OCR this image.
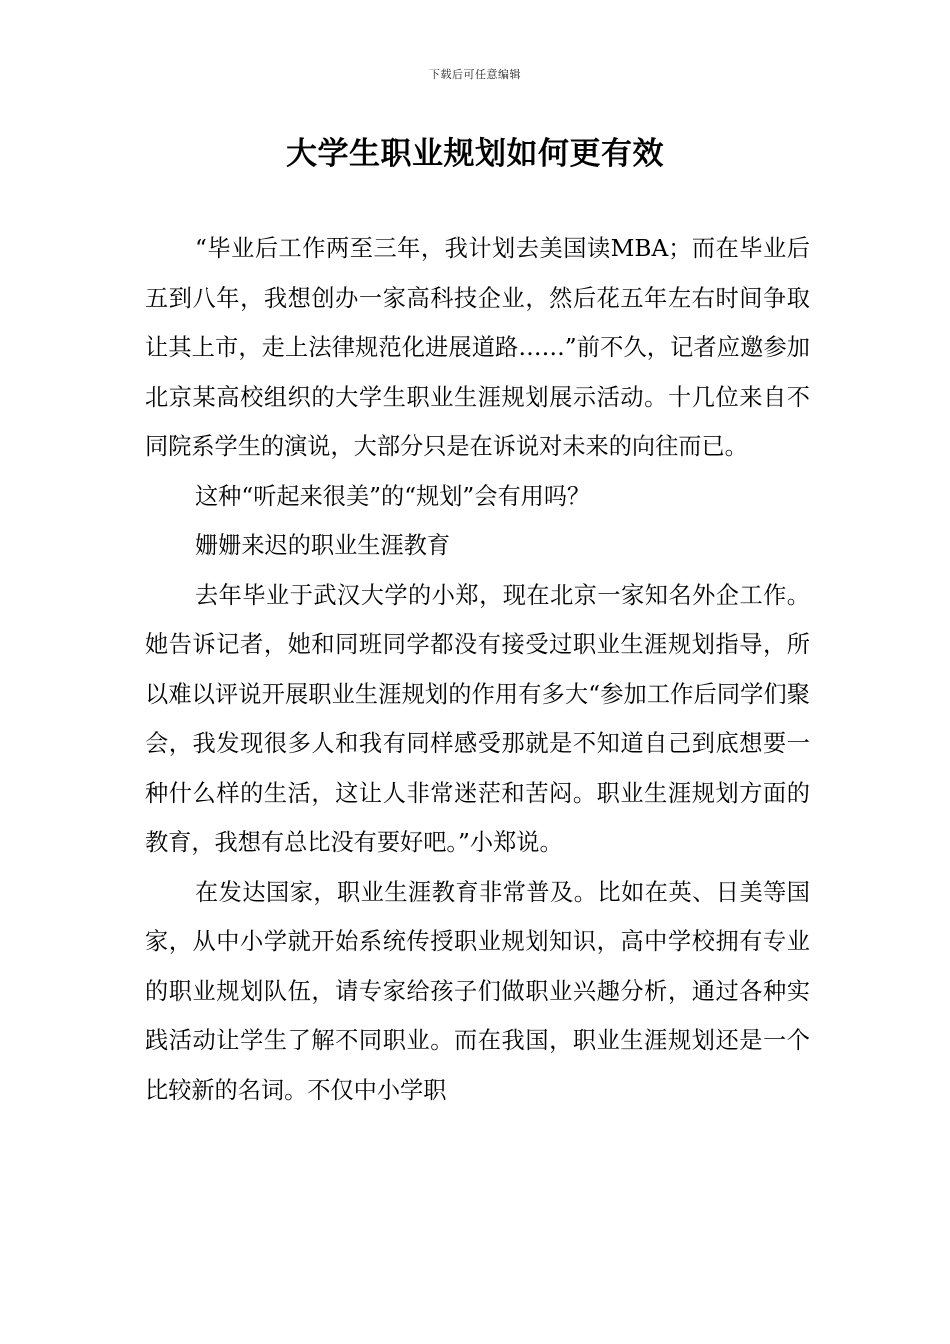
下载后可任意编辑
大学生职业规划如何更有效

“毕业后工作两至三年，我计划去美国读MBA；而在毕业后五到八年，我想创办一家高科技企业，然后花五年左右时间争取让其上市，走上法律规范化进展道路……”前不久，记者应邀参加北京某高校组织的大学生职业生涯规划展示活动。十几位来自不同院系学生的演说，大部分只是在诉说对未来的向往而已。

这种“听起来很美”的“规划”会有用吗？

姗姗来迟的职业生涯教育

去年毕业于武汉大学的小郑，现在北京一家知名外企工作。她告诉记者，她和同班同学都没有接受过职业生涯规划指导，所以难以评说开展职业生涯规划的作用有多大“参加工作后同学们聚会，我发现很多人和我有同样感受那就是不知道自己到底想要一种什么样的生活，这让人非常迷茫和苦闷。职业生涯规划方面的教育，我想有总比没有要好吧。”小郑说。

在发达国家，职业生涯教育非常普及。比如在英、日美等国家，从中小学就开始系统传授职业规划知识，高中学校拥有专业的职业规划队伍，请专家给孩子们做职业兴趣分析，通过各种实践活动让学生了解不同职业。而在我国，职业生涯规划还是一个比较新的名词。不仅中小学职
